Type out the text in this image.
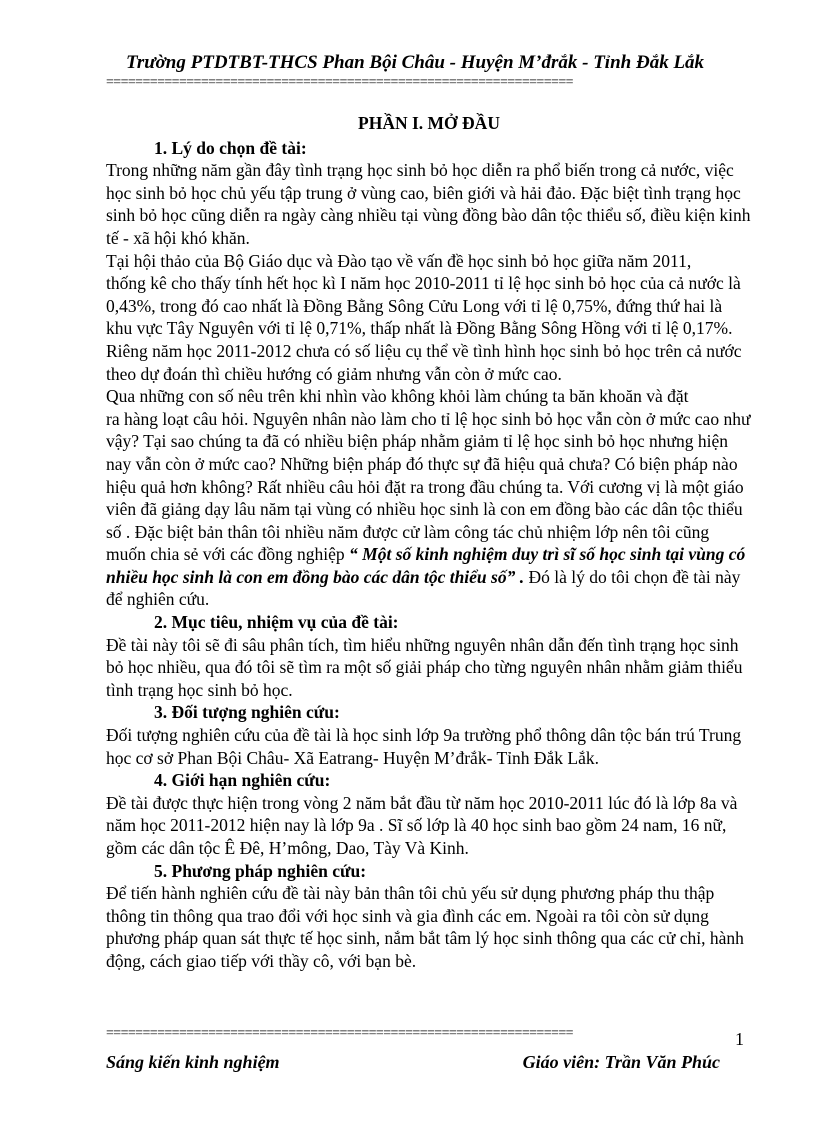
Trường PTDTBT-THCS Phan Bội Châu - Huyện M’đrắk - Tỉnh Đắk Lắk
================================================================

PHẦN I. MỞ ĐẦU

1. Lý do chọn đề tài:

Trong những năm gần đây tình trạng học sinh bỏ học diễn ra phổ biến trong cả nước, việc học sinh bỏ học chủ yếu tập trung ở vùng cao, biên giới và hải đảo. Đặc biệt tình trạng học sinh bỏ học cũng diễn ra ngày càng nhiều tại vùng đồng bào dân tộc thiểu số, điều kiện kinh tế - xã hội khó khăn.

Tại hội thảo của Bộ Giáo dục và Đào tạo về vấn đề học sinh bỏ học giữa năm 2011,
thống kê cho thấy tính hết học kì I năm học 2010-2011 tỉ lệ học sinh bỏ học của cả nước là 0,43%, trong đó cao nhất là Đồng Bằng Sông Cửu Long với tỉ lệ 0,75%, đứng thứ hai là khu vực Tây Nguyên với tỉ lệ 0,71%, thấp nhất là Đồng Bằng Sông Hồng với tỉ lệ 0,17%. Riêng năm học 2011-2012 chưa có số liệu cụ thể về tình hình học sinh bỏ học trên cả nước theo dự đoán thì chiều hướng có giảm nhưng vẫn còn ở mức cao.

Qua những con số nêu trên khi nhìn vào không khỏi làm chúng ta băn khoăn và đặt
ra hàng loạt câu hỏi. Nguyên nhân nào làm cho tỉ lệ học sinh bỏ học vẫn còn ở mức cao như vậy? Tại sao chúng ta đã có nhiều biện pháp nhằm giảm tỉ lệ học sinh bỏ học nhưng hiện nay vẫn còn ở mức cao? Những biện pháp đó thực sự đã hiệu quả chưa? Có biện pháp nào hiệu quả hơn không? Rất nhiều câu hỏi đặt ra trong đầu chúng ta. Với cương vị là một giáo viên đã giảng dạy lâu năm tại vùng có nhiều học sinh là con em đồng bào các dân tộc thiểu số . Đặc biệt bản thân tôi nhiều năm được cử làm công tác chủ nhiệm lớp nên tôi cũng muốn chia sẻ với các đồng nghiệp “ Một số kinh nghiệm duy trì sĩ số học sinh tại vùng có nhiều học sinh là con em đồng bào các dân tộc thiểu số” . Đó là lý do tôi chọn đề tài này để nghiên cứu.

2. Mục tiêu, nhiệm vụ của đề tài:

Đề tài này tôi sẽ đi sâu phân tích, tìm hiểu những nguyên nhân dẫn đến tình trạng học sinh bỏ học nhiều, qua đó tôi sẽ tìm ra một số giải pháp cho từng nguyên nhân nhằm giảm thiểu tình trạng học sinh bỏ học.

3. Đối tượng nghiên cứu:

Đối tượng nghiên cứu của đề tài là học sinh lớp 9a trường phổ thông dân tộc bán trú Trung học cơ sở Phan Bội Châu- Xã Eatrang- Huyện M’đrắk- Tỉnh Đắk Lắk.

4. Giới hạn nghiên cứu:

Đề tài được thực hiện trong vòng 2 năm bắt đầu từ năm học 2010-2011 lúc đó là lớp 8a và năm học 2011-2012 hiện nay là lớp 9a . Sĩ số lớp là 40 học sinh bao gồm 24 nam, 16 nữ, gồm các dân tộc Ê Đê, H’mông, Dao, Tày Và Kinh.

5. Phương pháp nghiên cứu:

Để tiến hành nghiên cứu đề tài này bản thân tôi chủ yếu sử dụng phương pháp thu thập thông tin thông qua trao đổi với học sinh và gia đình các em. Ngoài ra tôi còn sử dụng phương pháp quan sát thực tế học sinh, nắm bắt tâm lý học sinh thông qua các cử chỉ, hành động, cách giao tiếp với thầy cô, với bạn bè.

================================================================	1
Sáng kiến kinh nghiệm	Giáo viên: Trần Văn Phúc
